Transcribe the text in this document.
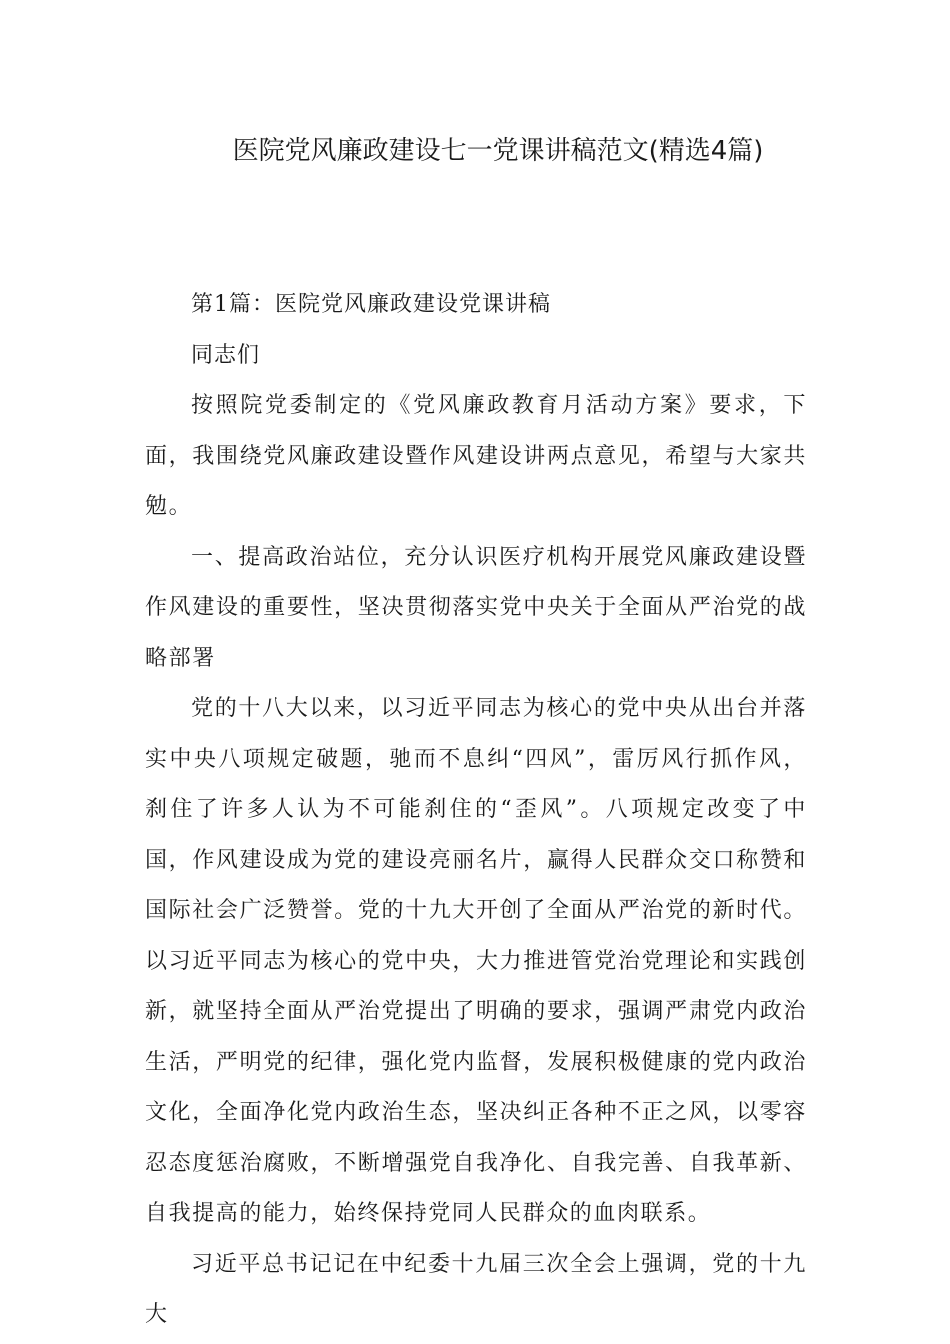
医院党风廉政建设七一党课讲稿范文(精选4篇)

第1篇：医院党风廉政建设党课讲稿

同志们

按照院党委制定的《党风廉政教育月活动方案》要求，下面，我围绕党风廉政建设暨作风建设讲两点意见，希望与大家共勉。

一、提高政治站位，充分认识医疗机构开展党风廉政建设暨作风建设的重要性，坚决贯彻落实党中央关于全面从严治党的战略部署

党的十八大以来，以习近平同志为核心的党中央从出台并落实中央八项规定破题，驰而不息纠“四风”，雷厉风行抓作风，刹住了许多人认为不可能刹住的“歪风”。八项规定改变了中国，作风建设成为党的建设亮丽名片，赢得人民群众交口称赞和国际社会广泛赞誉。党的十九大开创了全面从严治党的新时代。以习近平同志为核心的党中央，大力推进管党治党理论和实践创新，就坚持全面从严治党提出了明确的要求，强调严肃党内政治生活，严明党的纪律，强化党内监督，发展积极健康的党内政治文化，全面净化党内政治生态，坚决纠正各种不正之风，以零容忍态度惩治腐败，不断增强党自我净化、自我完善、自我革新、自我提高的能力，始终保持党同人民群众的血肉联系。

习近平总书记记在中纪委十九届三次全会上强调，党的十九大
